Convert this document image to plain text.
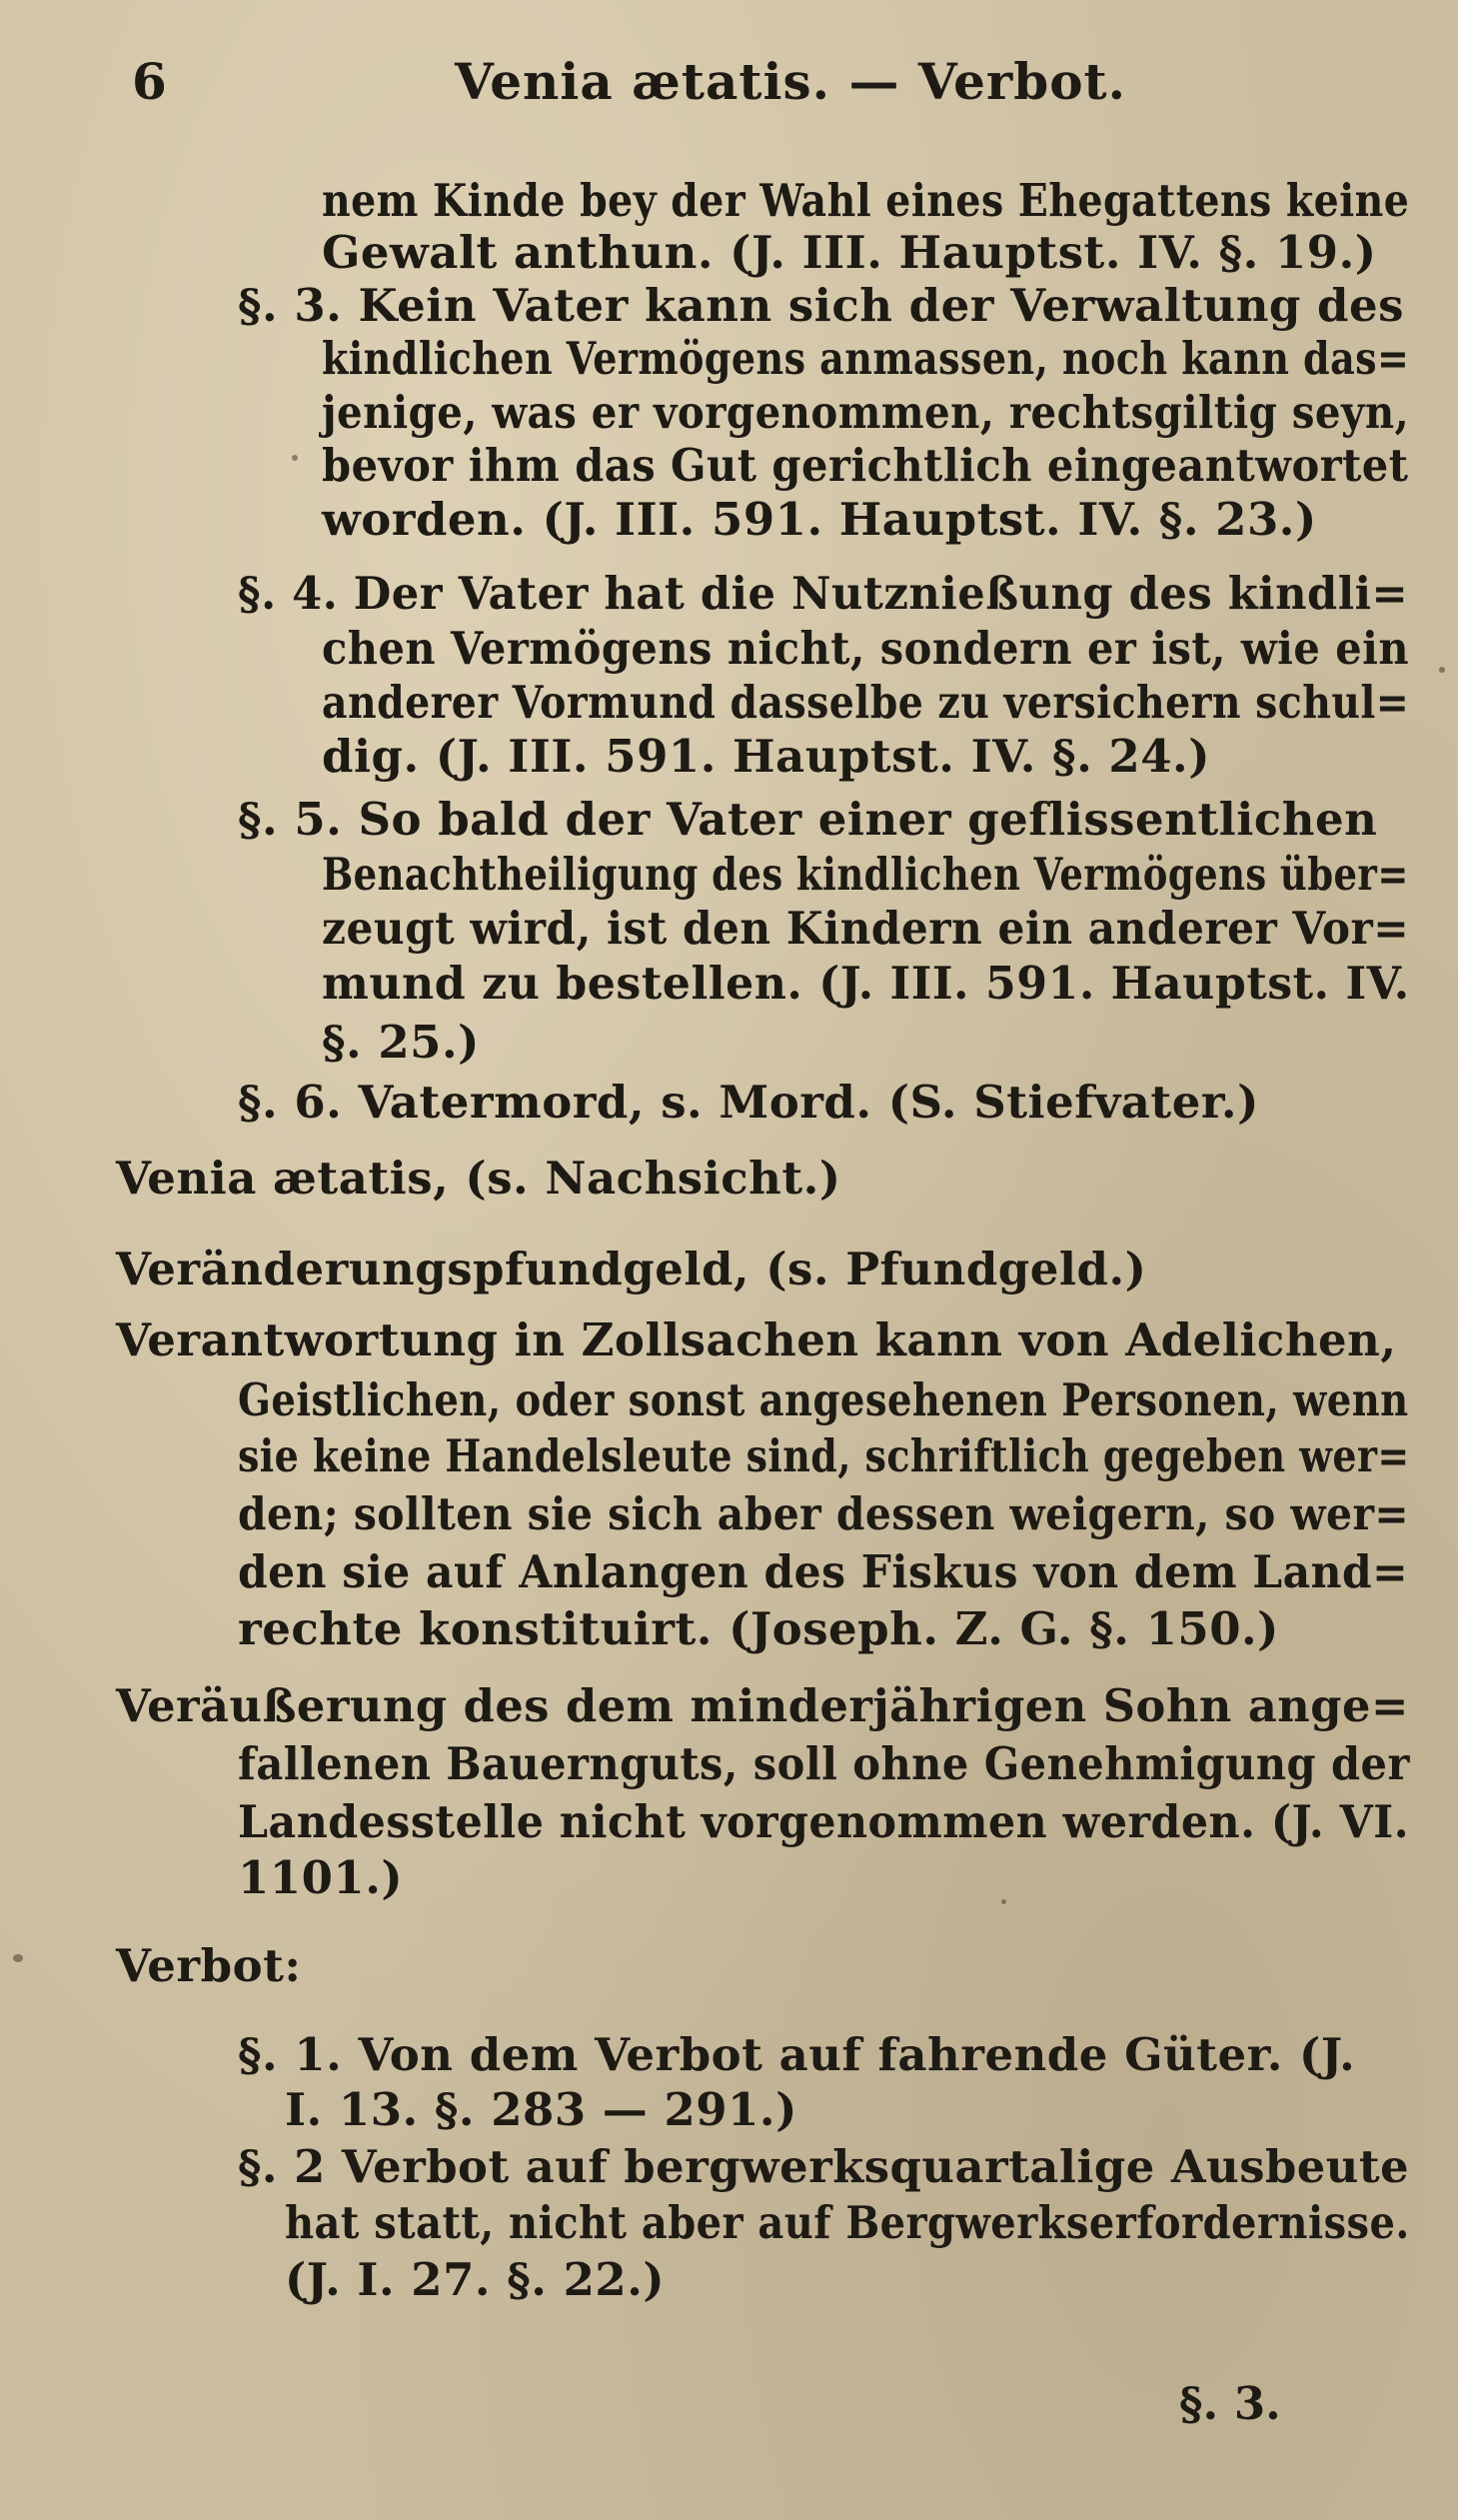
6	Venia ætatis. — Verbot.
nem Kinde bey der Wahl eines Ehegattens keine
Gewalt anthun. (J. III. Hauptst. IV. §. 19.)
§. 3. Kein Vater kann sich der Verwaltung des
kindlichen Vermögens anmassen, noch kann das=
jenige, was er vorgenommen, rechtsgiltig seyn,
bevor ihm das Gut gerichtlich eingeantwortet
worden. (J. III. 591. Hauptst. IV. §. 23.)
§. 4. Der Vater hat die Nutznießung des kindli=
chen Vermögens nicht, sondern er ist, wie ein
anderer Vormund dasselbe zu versichern schul=
dig. (J. III. 591. Hauptst. IV. §. 24.)
§. 5. So bald der Vater einer geflissentlichen
Benachtheiligung des kindlichen Vermögens über=
zeugt wird, ist den Kindern ein anderer Vor=
mund zu bestellen. (J. III. 591. Hauptst. IV.
§. 25.)
§. 6. Vatermord, s. Mord. (S. Stiefvater.)
Venia ætatis, (s. Nachsicht.)
Veränderungspfundgeld, (s. Pfundgeld.)
Verantwortung in Zollsachen kann von Adelichen,
Geistlichen, oder sonst angesehenen Personen, wenn
sie keine Handelsleute sind, schriftlich gegeben wer=
den; sollten sie sich aber dessen weigern, so wer=
den sie auf Anlangen des Fiskus von dem Land=
rechte konstituirt. (Joseph. Z. G. §. 150.)
Veräußerung des dem minderjährigen Sohn ange=
fallenen Bauernguts, soll ohne Genehmigung der
Landesstelle nicht vorgenommen werden. (J. VI.
1101.)
Verbot:
§. 1. Von dem Verbot auf fahrende Güter. (J.
I. 13. §. 283 — 291.)
§. 2 Verbot auf bergwerksquartalige Ausbeute
hat statt, nicht aber auf Bergwerkserfordernisse.
(J. I. 27. §. 22.)
§. 3.
